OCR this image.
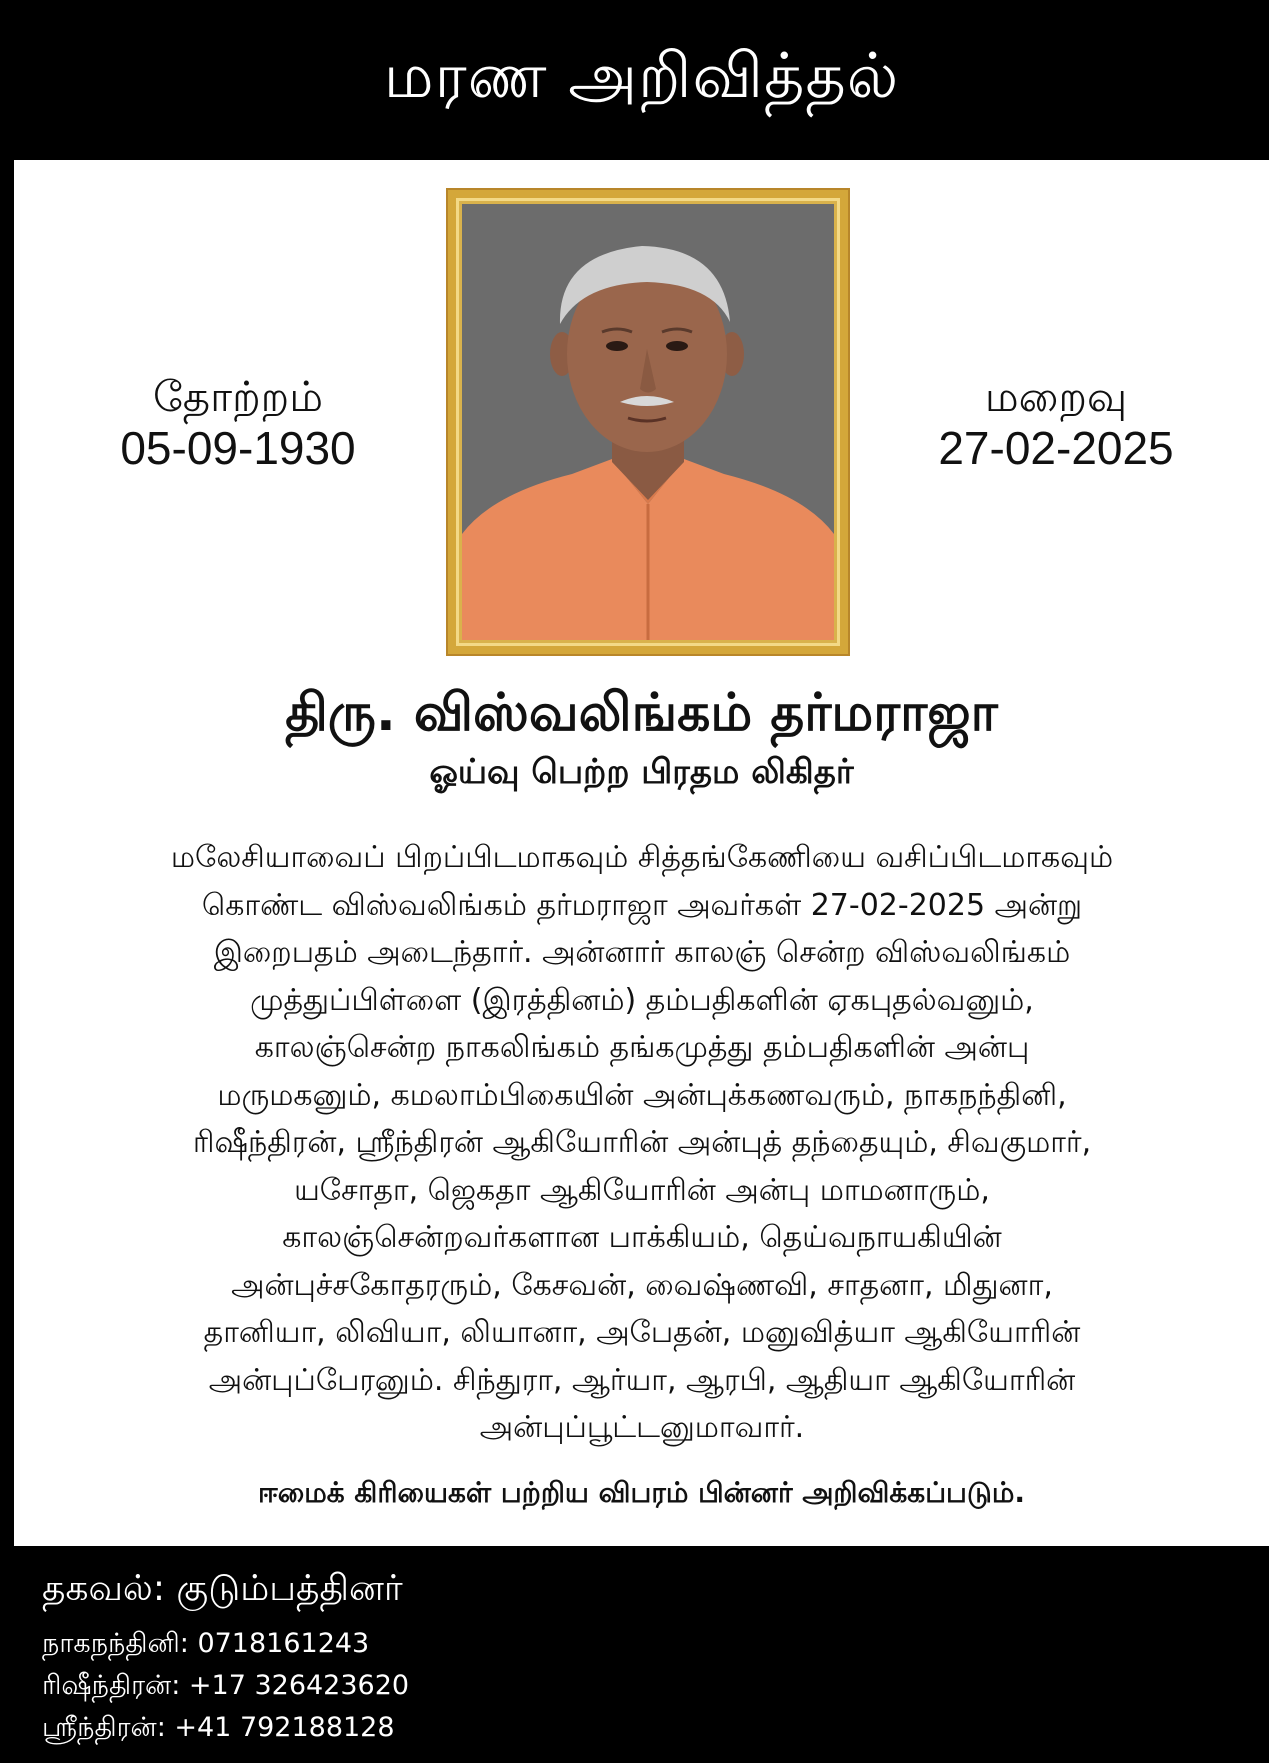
மரண அறிவித்தல்
தோற்றம்
05-09-1930
மறைவு
27-02-2025
திரு. விஸ்வலிங்கம் தர்மராஜா
ஓய்வு பெற்ற பிரதம லிகிதர்
மலேசியாவைப் பிறப்பிடமாகவும் சித்தங்கேணியை வசிப்பிடமாகவும்
கொண்ட விஸ்வலிங்கம் தர்மராஜா அவர்கள் 27-02-2025 அன்று
இறைபதம் அடைந்தார். அன்னார் காலஞ் சென்ற விஸ்வலிங்கம்
முத்துப்பிள்ளை (இரத்தினம்) தம்பதிகளின் ஏகபுதல்வனும்,
காலஞ்சென்ற நாகலிங்கம் தங்கமுத்து தம்பதிகளின் அன்பு
மருமகனும், கமலாம்பிகையின் அன்புக்கணவரும், நாகநந்தினி,
ரிஷீந்திரன், ஸ்ரீந்திரன் ஆகியோரின் அன்புத் தந்தையும், சிவகுமார்,
யசோதா, ஜெகதா ஆகியோரின் அன்பு மாமனாரும்,
காலஞ்சென்றவர்களான பாக்கியம், தெய்வநாயகியின்
அன்புச்சகோதரரும், கேசவன், வைஷ்ணவி, சாதனா, மிதுனா,
தானியா, லிவியா, லியானா, அபேதன், மனுவித்யா ஆகியோரின்
அன்புப்பேரனும். சிந்துரா, ஆர்யா, ஆரபி, ஆதியா ஆகியோரின்
அன்புப்பூட்டனுமாவார்.
ஈமைக் கிரியைகள் பற்றிய விபரம் பின்னர் அறிவிக்கப்படும்.
தகவல்: குடும்பத்தினர்
நாகநந்தினி: 0718161243
ரிஷீந்திரன்: +17 326423620
ஸ்ரீந்திரன்: +41 792188128
